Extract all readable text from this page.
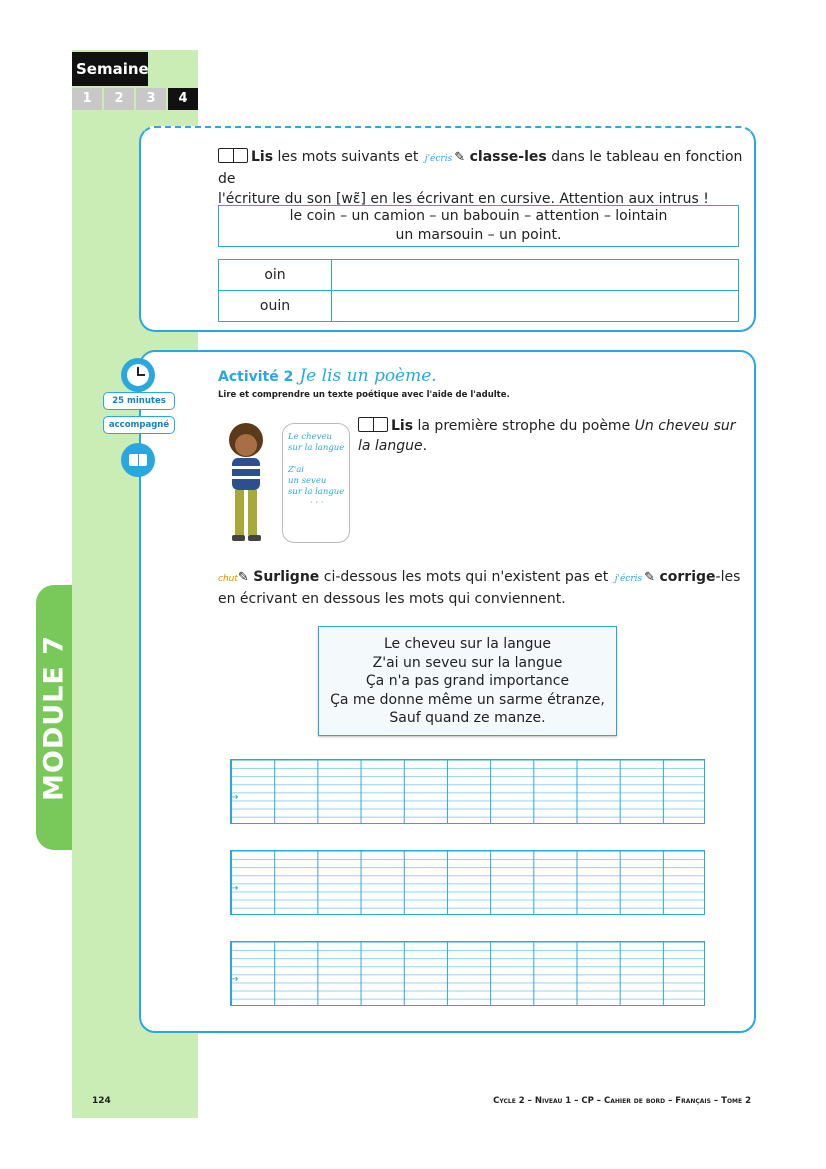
Semaine
1	2	3	4
MODULE 7
Lis les mots suivants et j'écris ✎ classe-les dans le tableau en fonction de
l'écriture du son [wɛ̃] en les écrivant en cursive. Attention aux intrus !
le coin – un camion – un babouin – attention – lointain
un marsouin – un point.
oin	
ouin	
25 minutes
accompagné
Activité 2 Je lis un poème.
Lire et comprendre un texte poétique avec l'aide de l'adulte.
Le cheveu
sur la langue

Z'ai
un seveu
sur la langue
· · ·
Lis la première strophe du poème Un cheveu sur la langue.
chut✎ Surligne ci-dessous les mots qui n'existent pas et j'écris ✎ corrige-les
en écrivant en dessous les mots qui conviennent.
Le cheveu sur la langue
Z'ai un seveu sur la langue
Ça n'a pas grand importance
Ça me donne même un sarme étranze,
Sauf quand ze manze.
→
→
→
124	Cycle 2 – Niveau 1 – CP – Cahier de bord – Français – Tome 2
